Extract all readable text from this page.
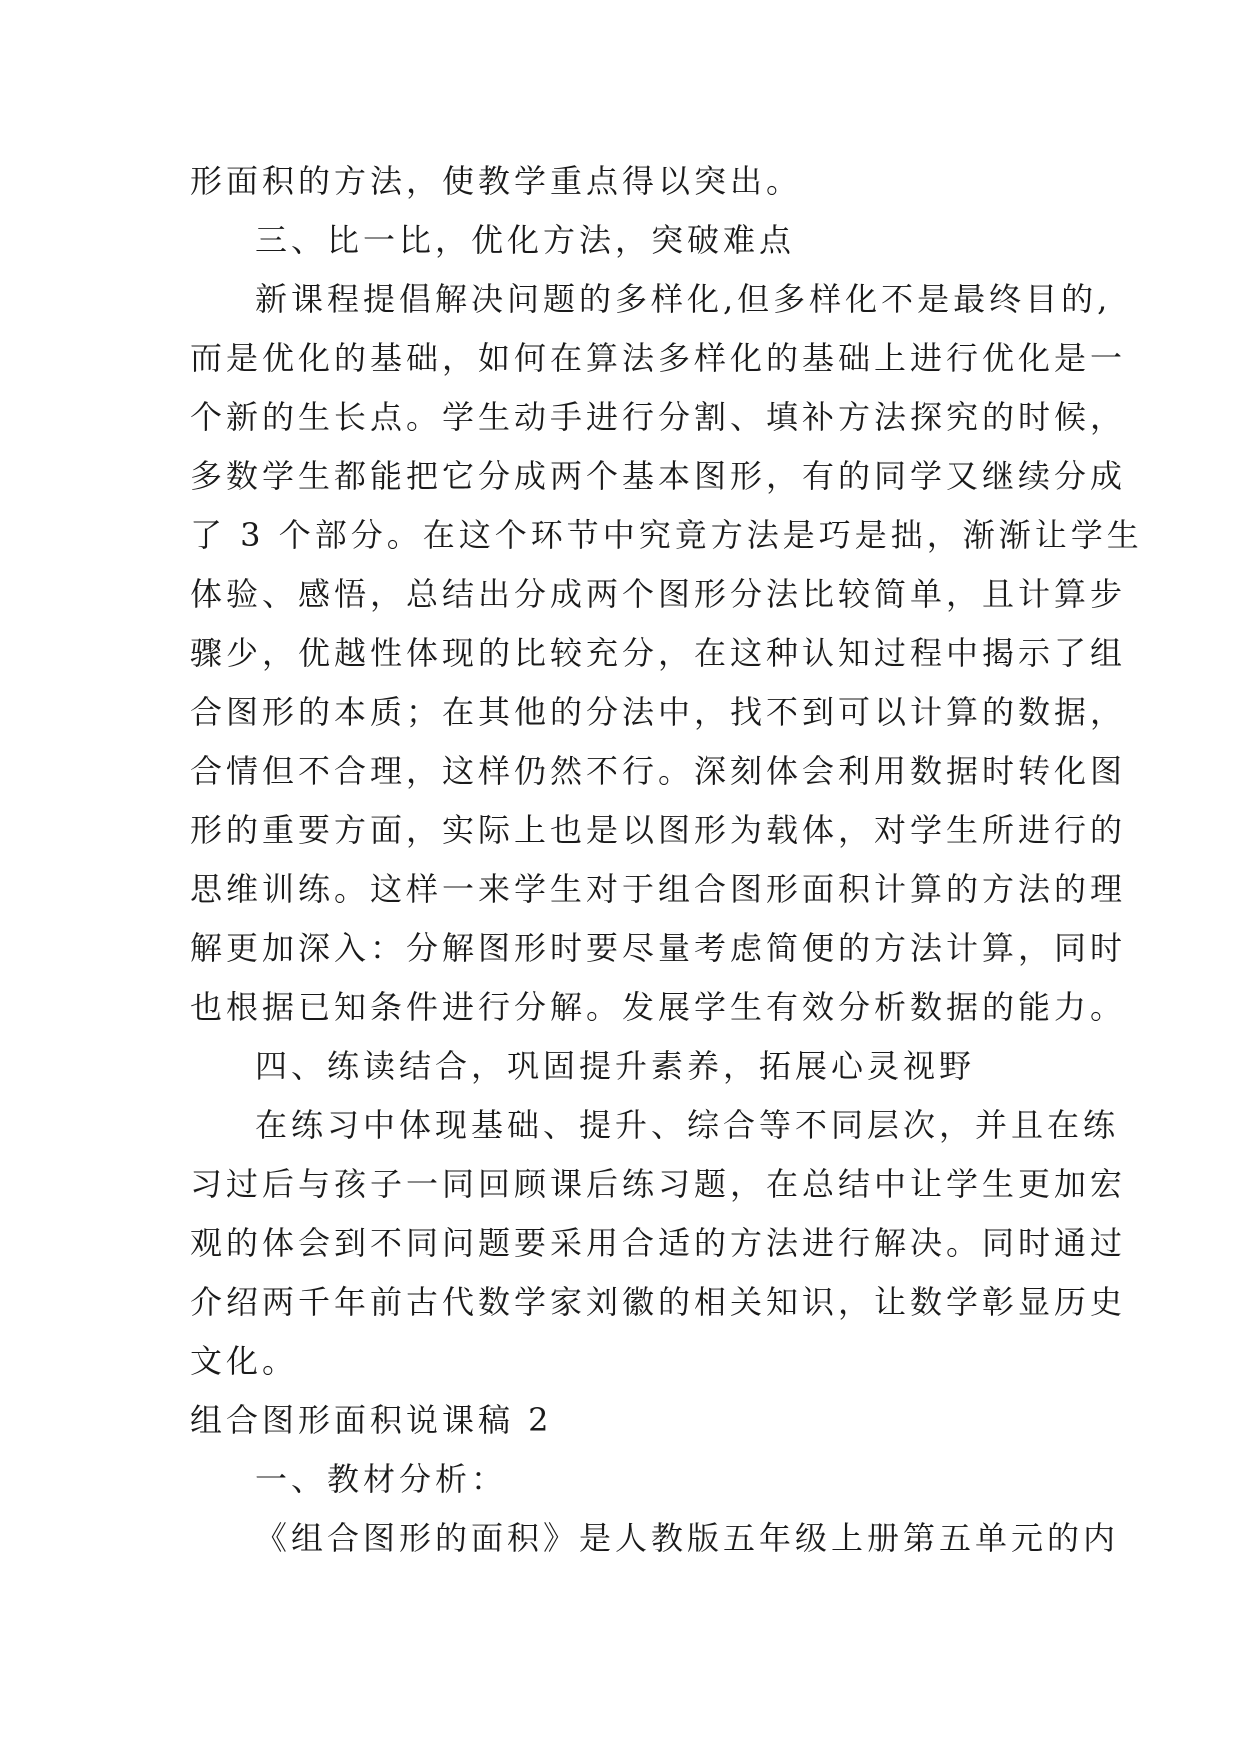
形面积的方法，使教学重点得以突出。
三、比一比，优化方法，突破难点
新课程提倡解决问题的多样化,但多样化不是最终目的,
而是优化的基础，如何在算法多样化的基础上进行优化是一
个新的生长点。学生动手进行分割、填补方法探究的时候，
多数学生都能把它分成两个基本图形，有的同学又继续分成
了 3 个部分。在这个环节中究竟方法是巧是拙，渐渐让学生
体验、感悟，总结出分成两个图形分法比较简单，且计算步
骤少，优越性体现的比较充分，在这种认知过程中揭示了组
合图形的本质；在其他的分法中，找不到可以计算的数据，
合情但不合理，这样仍然不行。深刻体会利用数据时转化图
形的重要方面，实际上也是以图形为载体，对学生所进行的
思维训练。这样一来学生对于组合图形面积计算的方法的理
解更加深入：分解图形时要尽量考虑简便的方法计算，同时
也根据已知条件进行分解。发展学生有效分析数据的能力。
四、练读结合，巩固提升素养，拓展心灵视野
在练习中体现基础、提升、综合等不同层次，并且在练
习过后与孩子一同回顾课后练习题，在总结中让学生更加宏
观的体会到不同问题要采用合适的方法进行解决。同时通过
介绍两千年前古代数学家刘徽的相关知识，让数学彰显历史
文化。
组合图形面积说课稿 2
一、教材分析：
《组合图形的面积》是人教版五年级上册第五单元的内
